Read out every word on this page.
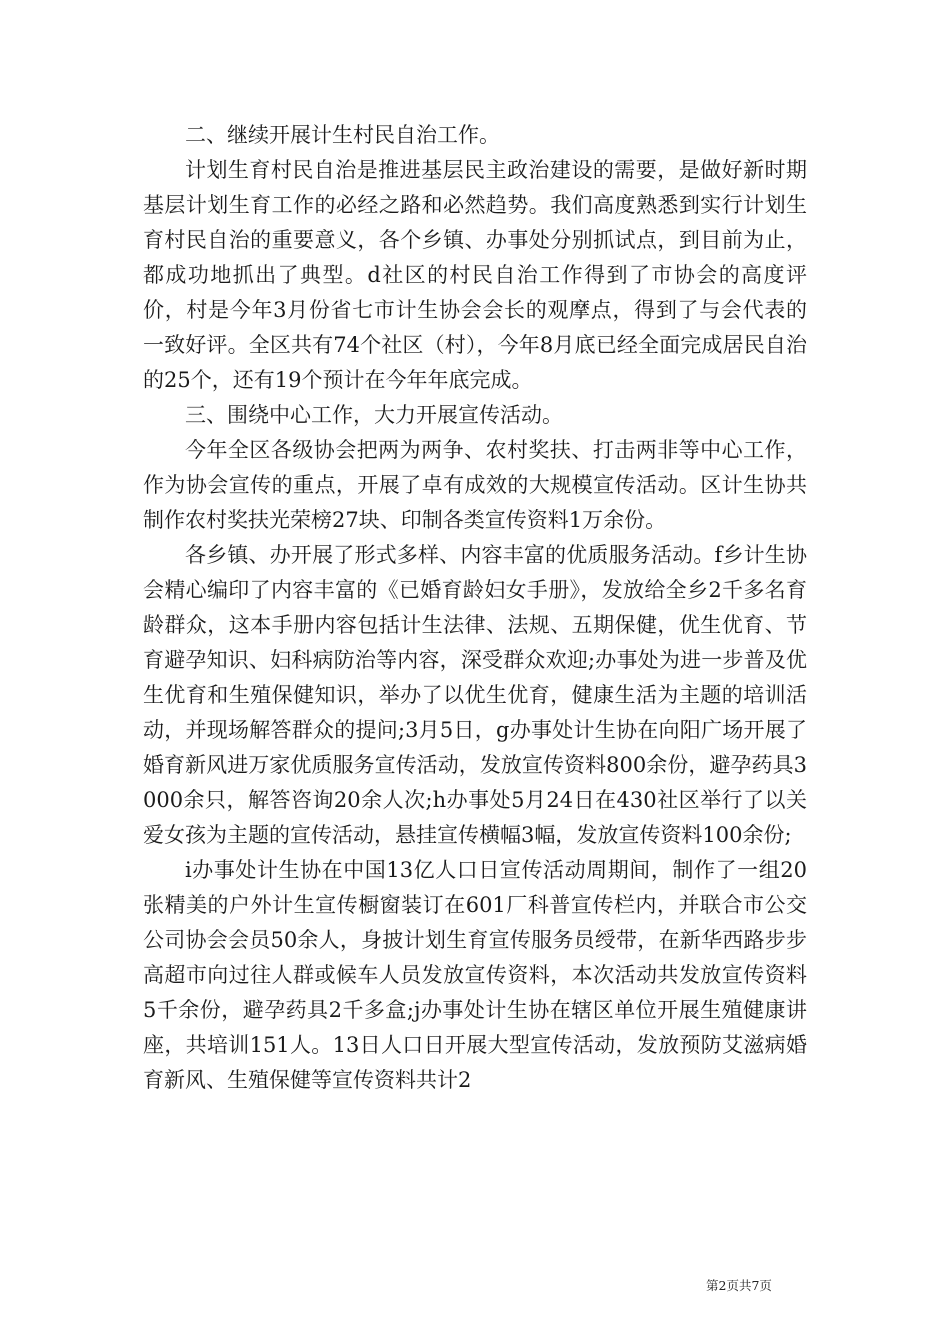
二、继续开展计生村民自治工作。

计划生育村民自治是推进基层民主政治建设的需要，是做好新时期基层计划生育工作的必经之路和必然趋势。我们高度熟悉到实行计划生育村民自治的重要意义，各个乡镇、办事处分别抓试点，到目前为止，都成功地抓出了典型。d社区的村民自治工作得到了市协会的高度评价，村是今年3月份省七市计生协会会长的观摩点，得到了与会代表的一致好评。全区共有74个社区（村），今年8月底已经全面完成居民自治的25个，还有19个预计在今年年底完成。

三、围绕中心工作，大力开展宣传活动。

今年全区各级协会把两为两争、农村奖扶、打击两非等中心工作，作为协会宣传的重点，开展了卓有成效的大规模宣传活动。区计生协共制作农村奖扶光荣榜27块、印制各类宣传资料1万余份。

各乡镇、办开展了形式多样、内容丰富的优质服务活动。f乡计生协会精心编印了内容丰富的《已婚育龄妇女手册》，发放给全乡2千多名育龄群众，这本手册内容包括计生法律、法规、五期保健，优生优育、节育避孕知识、妇科病防治等内容，深受群众欢迎;办事处为进一步普及优生优育和生殖保健知识，举办了以优生优育，健康生活为主题的培训活动，并现场解答群众的提问;3月5日，g办事处计生协在向阳广场开展了婚育新风进万家优质服务宣传活动，发放宣传资料800余份，避孕药具3000余只，解答咨询20余人次;h办事处5月24日在430社区举行了以关爱女孩为主题的宣传活动，悬挂宣传横幅3幅，发放宣传资料100余份;

i办事处计生协在中国13亿人口日宣传活动周期间，制作了一组20张精美的户外计生宣传橱窗装订在601厂科普宣传栏内，并联合市公交公司协会会员50余人，身披计划生育宣传服务员绶带，在新华西路步步高超市向过往人群或候车人员发放宣传资料，本次活动共发放宣传资料5千余份，避孕药具2千多盒;j办事处计生协在辖区单位开展生殖健康讲座，共培训151人。13日人口日开展大型宣传活动，发放预防艾滋病婚育新风、生殖保健等宣传资料共计2

第2页共7页
